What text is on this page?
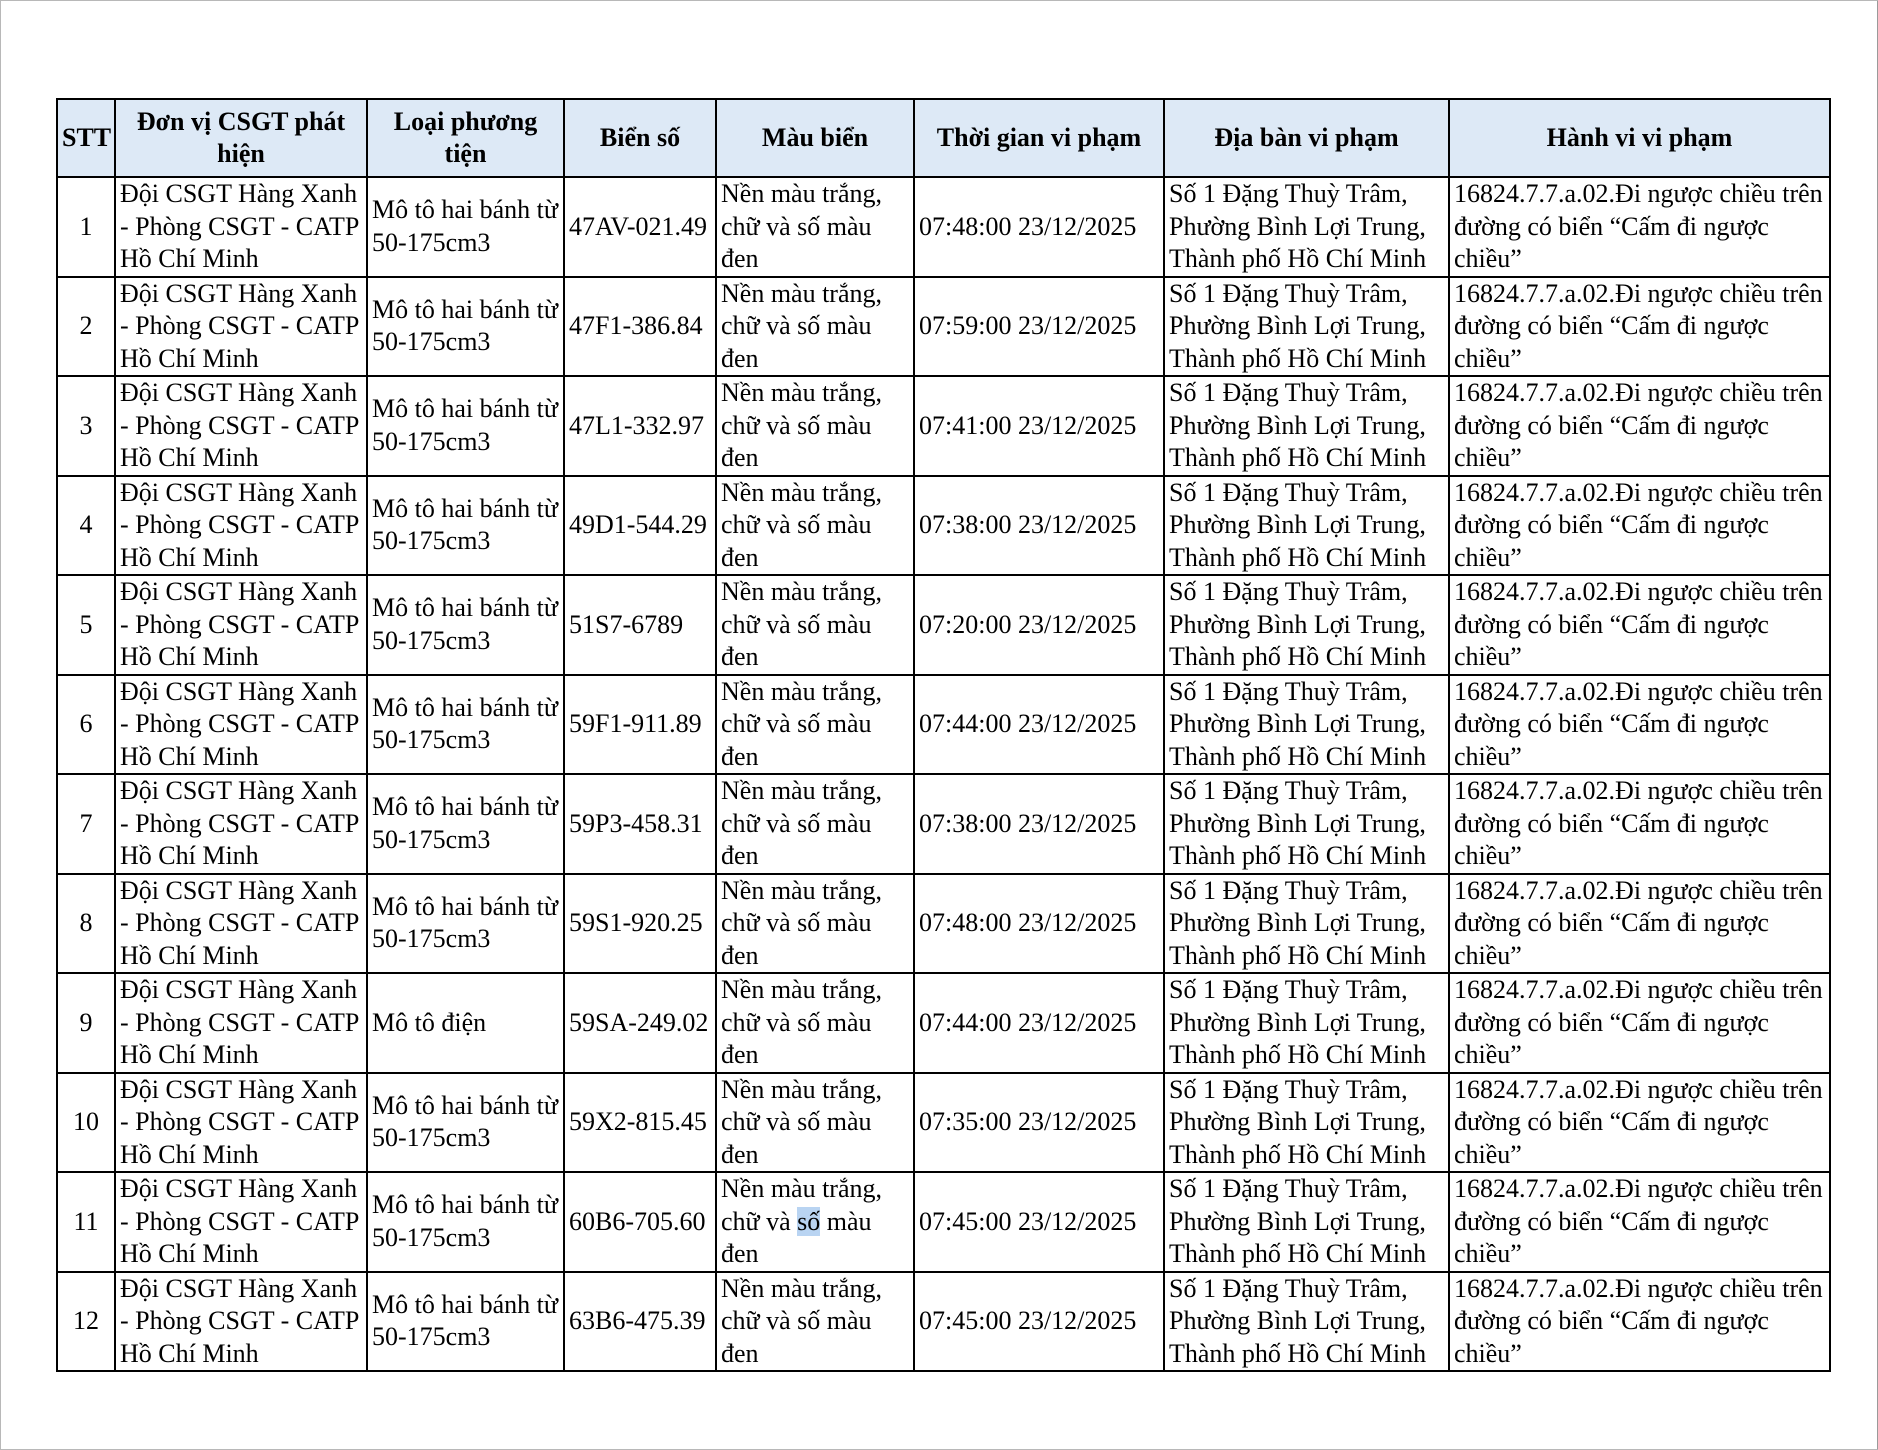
STT	Đơn vị CSGT phát hiện	Loại phương tiện	Biển số	Màu biển	Thời gian vi phạm	Địa bàn vi phạm	Hành vi vi phạm
1	Đội CSGT Hàng Xanh - Phòng CSGT - CATP Hồ Chí Minh	Mô tô hai bánh từ 50-175cm3	47AV-021.49	Nền màu trắng, chữ và số màu đen	07:48:00 23/12/2025	Số 1 Đặng Thuỳ Trâm, Phường Bình Lợi Trung, Thành phố Hồ Chí Minh	16824.7.7.a.02.Đi ngược chiều trên đường có biển “Cấm đi ngược chiều”
2	Đội CSGT Hàng Xanh - Phòng CSGT - CATP Hồ Chí Minh	Mô tô hai bánh từ 50-175cm3	47F1-386.84	Nền màu trắng, chữ và số màu đen	07:59:00 23/12/2025	Số 1 Đặng Thuỳ Trâm, Phường Bình Lợi Trung, Thành phố Hồ Chí Minh	16824.7.7.a.02.Đi ngược chiều trên đường có biển “Cấm đi ngược chiều”
3	Đội CSGT Hàng Xanh - Phòng CSGT - CATP Hồ Chí Minh	Mô tô hai bánh từ 50-175cm3	47L1-332.97	Nền màu trắng, chữ và số màu đen	07:41:00 23/12/2025	Số 1 Đặng Thuỳ Trâm, Phường Bình Lợi Trung, Thành phố Hồ Chí Minh	16824.7.7.a.02.Đi ngược chiều trên đường có biển “Cấm đi ngược chiều”
4	Đội CSGT Hàng Xanh - Phòng CSGT - CATP Hồ Chí Minh	Mô tô hai bánh từ 50-175cm3	49D1-544.29	Nền màu trắng, chữ và số màu đen	07:38:00 23/12/2025	Số 1 Đặng Thuỳ Trâm, Phường Bình Lợi Trung, Thành phố Hồ Chí Minh	16824.7.7.a.02.Đi ngược chiều trên đường có biển “Cấm đi ngược chiều”
5	Đội CSGT Hàng Xanh - Phòng CSGT - CATP Hồ Chí Minh	Mô tô hai bánh từ 50-175cm3	51S7-6789	Nền màu trắng, chữ và số màu đen	07:20:00 23/12/2025	Số 1 Đặng Thuỳ Trâm, Phường Bình Lợi Trung, Thành phố Hồ Chí Minh	16824.7.7.a.02.Đi ngược chiều trên đường có biển “Cấm đi ngược chiều”
6	Đội CSGT Hàng Xanh - Phòng CSGT - CATP Hồ Chí Minh	Mô tô hai bánh từ 50-175cm3	59F1-911.89	Nền màu trắng, chữ và số màu đen	07:44:00 23/12/2025	Số 1 Đặng Thuỳ Trâm, Phường Bình Lợi Trung, Thành phố Hồ Chí Minh	16824.7.7.a.02.Đi ngược chiều trên đường có biển “Cấm đi ngược chiều”
7	Đội CSGT Hàng Xanh - Phòng CSGT - CATP Hồ Chí Minh	Mô tô hai bánh từ 50-175cm3	59P3-458.31	Nền màu trắng, chữ và số màu đen	07:38:00 23/12/2025	Số 1 Đặng Thuỳ Trâm, Phường Bình Lợi Trung, Thành phố Hồ Chí Minh	16824.7.7.a.02.Đi ngược chiều trên đường có biển “Cấm đi ngược chiều”
8	Đội CSGT Hàng Xanh - Phòng CSGT - CATP Hồ Chí Minh	Mô tô hai bánh từ 50-175cm3	59S1-920.25	Nền màu trắng, chữ và số màu đen	07:48:00 23/12/2025	Số 1 Đặng Thuỳ Trâm, Phường Bình Lợi Trung, Thành phố Hồ Chí Minh	16824.7.7.a.02.Đi ngược chiều trên đường có biển “Cấm đi ngược chiều”
9	Đội CSGT Hàng Xanh - Phòng CSGT - CATP Hồ Chí Minh	Mô tô điện	59SA-249.02	Nền màu trắng, chữ và số màu đen	07:44:00 23/12/2025	Số 1 Đặng Thuỳ Trâm, Phường Bình Lợi Trung, Thành phố Hồ Chí Minh	16824.7.7.a.02.Đi ngược chiều trên đường có biển “Cấm đi ngược chiều”
10	Đội CSGT Hàng Xanh - Phòng CSGT - CATP Hồ Chí Minh	Mô tô hai bánh từ 50-175cm3	59X2-815.45	Nền màu trắng, chữ và số màu đen	07:35:00 23/12/2025	Số 1 Đặng Thuỳ Trâm, Phường Bình Lợi Trung, Thành phố Hồ Chí Minh	16824.7.7.a.02.Đi ngược chiều trên đường có biển “Cấm đi ngược chiều”
11	Đội CSGT Hàng Xanh - Phòng CSGT - CATP Hồ Chí Minh	Mô tô hai bánh từ 50-175cm3	60B6-705.60	Nền màu trắng, chữ và số màu đen	07:45:00 23/12/2025	Số 1 Đặng Thuỳ Trâm, Phường Bình Lợi Trung, Thành phố Hồ Chí Minh	16824.7.7.a.02.Đi ngược chiều trên đường có biển “Cấm đi ngược chiều”
12	Đội CSGT Hàng Xanh - Phòng CSGT - CATP Hồ Chí Minh	Mô tô hai bánh từ 50-175cm3	63B6-475.39	Nền màu trắng, chữ và số màu đen	07:45:00 23/12/2025	Số 1 Đặng Thuỳ Trâm, Phường Bình Lợi Trung, Thành phố Hồ Chí Minh	16824.7.7.a.02.Đi ngược chiều trên đường có biển “Cấm đi ngược chiều”
